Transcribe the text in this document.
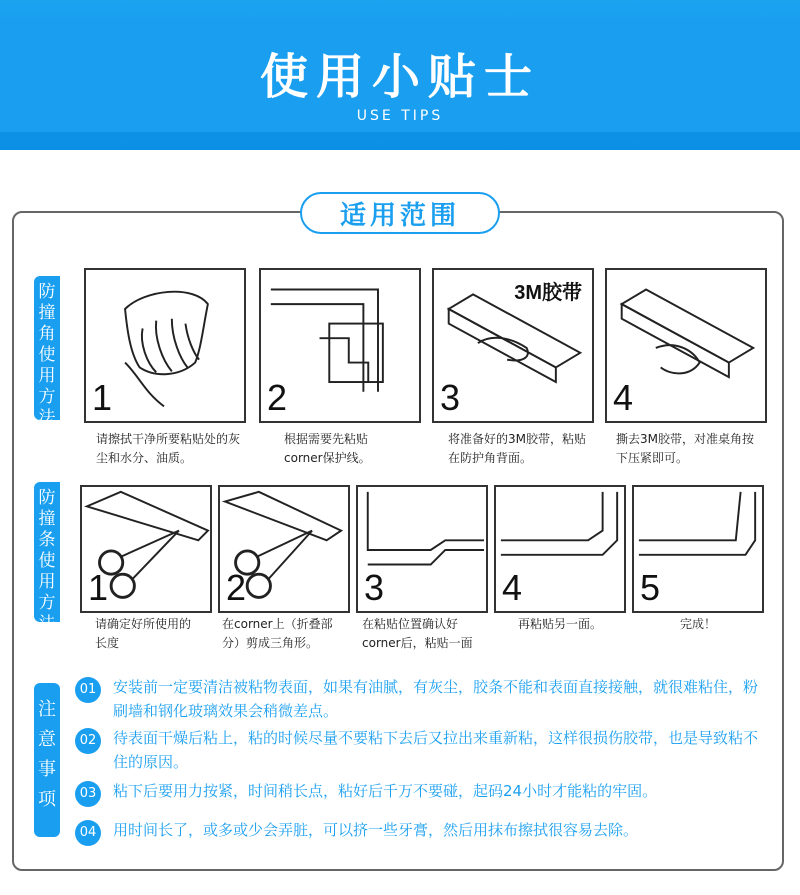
使用小贴士
USE TIPS
适用范围
防撞角使用方法 1	2
3M胶带
3	4
请擦拭干净所要粘贴处的灰尘和水分、油质。
根据需要先粘贴corner保护线。
将准备好的3M胶带，粘贴在防护角背面。
撕去3M胶带，对准桌角按下压紧即可。
防撞条使用方法
1	2	3	4	5
请确定好所使用的长度
在corner上（折叠部分）剪成三角形。
在粘贴位置确认好corner后，粘贴一面
再粘贴另一面。	完成！
注意事项
01	安装前一定要清洁被粘物表面，如果有油腻，有灰尘，胶条不能和表面直接接触，就很难粘住，粉刷墙和钢化玻璃效果会稍微差点。
02	待表面干燥后粘上，粘的时候尽量不要粘下去后又拉出来重新粘，这样很损伤胶带，也是导致粘不住的原因。
03	粘下后要用力按紧，时间稍长点，粘好后千万不要碰，起码24小时才能粘的牢固。
04	用时间长了，或多或少会弄脏，可以挤一些牙膏，然后用抹布擦拭很容易去除。
